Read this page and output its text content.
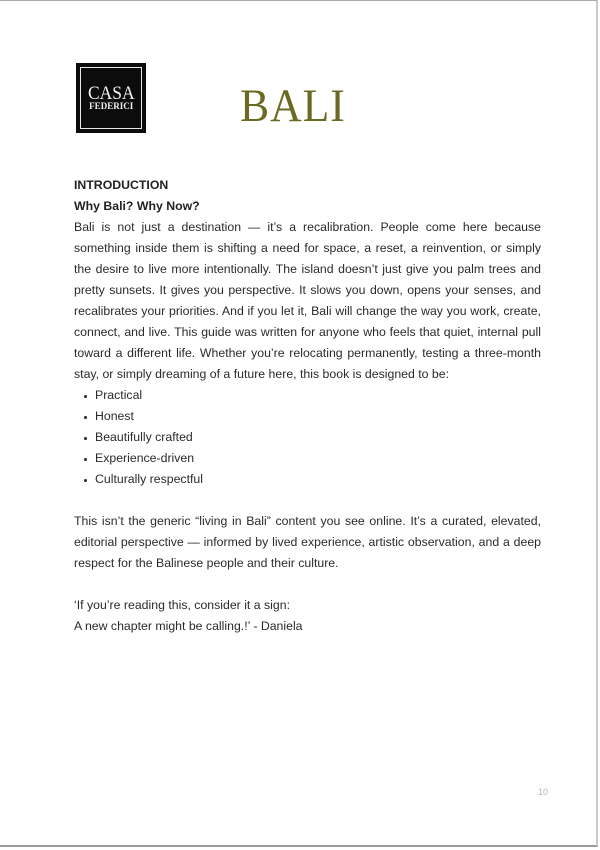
CASA
FEDERICI BALI

INTRODUCTION

Why Bali? Why Now?

Bali is not just a destination — it’s a recalibration. People come here because something inside them is shifting a need for space, a reset, a reinvention, or simply the desire to live more intentionally. The island doesn’t just give you palm trees and pretty sunsets. It gives you perspective. It slows you down, opens your senses, and recalibrates your priorities. And if you let it, Bali will change the way you work, create, connect, and live. This guide was written for anyone who feels that quiet, internal pull toward a different life. Whether you’re relocating permanently, testing a three-month stay, or simply dreaming of a future here, this book is designed to be:

Practical
Honest
Beautifully crafted
Experience-driven
Culturally respectful

This isn’t the generic “living in Bali” content you see online. It’s a curated, elevated, editorial perspective — informed by lived experience, artistic observation, and a deep respect for the Balinese people and their culture.

‘If you’re reading this, consider it a sign:

A new chapter might be calling.!’ - Daniela

10
